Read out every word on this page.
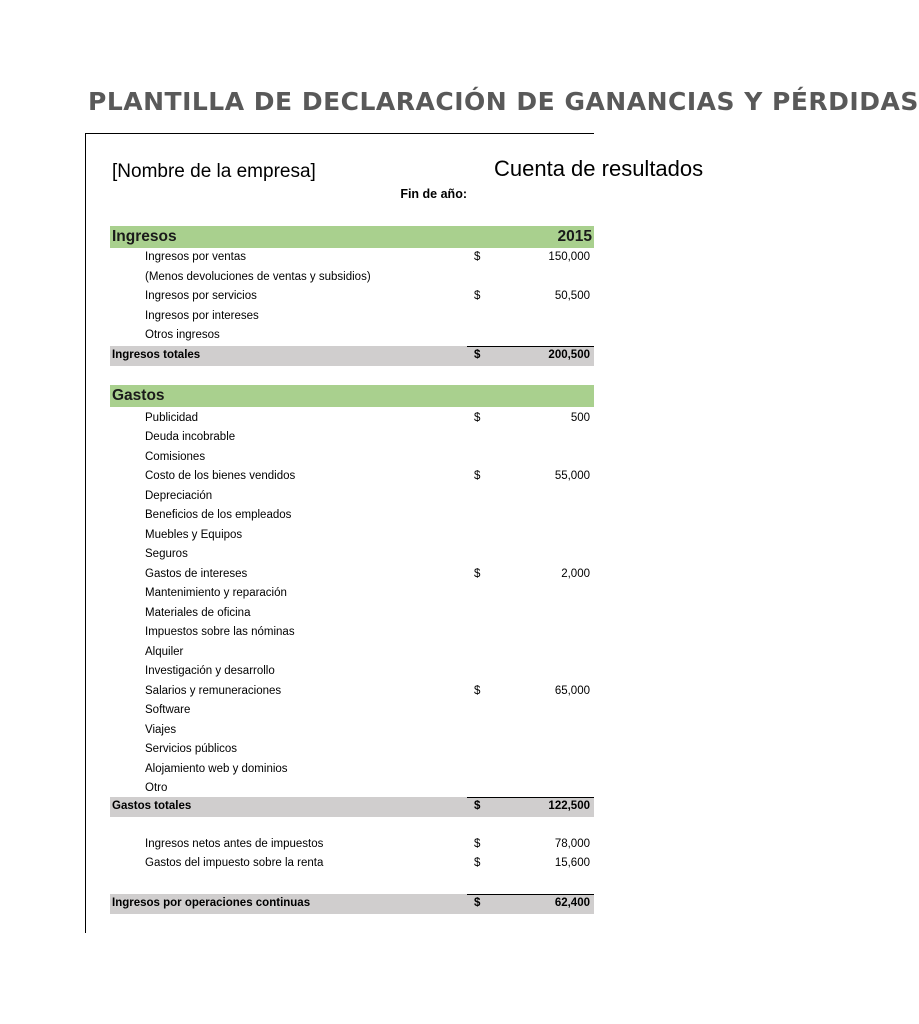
PLANTILLA DE DECLARACIÓN DE GANANCIAS Y PÉRDIDAS
[Nombre de la empresa]	Cuenta de resultados
Fin de año:
Ingresos	2015
Ingresos por ventas	$	150,000
(Menos devoluciones de ventas y subsidios)
Ingresos por servicios	$	50,500
Ingresos por intereses
Otros ingresos
Ingresos totales	$	200,500
Gastos
Publicidad	$	500
Deuda incobrable
Comisiones
Costo de los bienes vendidos	$	55,000
Depreciación
Beneficios de los empleados
Muebles y Equipos
Seguros
Gastos de intereses	$	2,000
Mantenimiento y reparación
Materiales de oficina
Impuestos sobre las nóminas
Alquiler
Investigación y desarrollo
Salarios y remuneraciones	$	65,000
Software
Viajes
Servicios públicos
Alojamiento web y dominios
Otro
Gastos totales	$	122,500
Ingresos netos antes de impuestos	$	78,000
Gastos del impuesto sobre la renta	$	15,600
Ingresos por operaciones continuas	$	62,400
